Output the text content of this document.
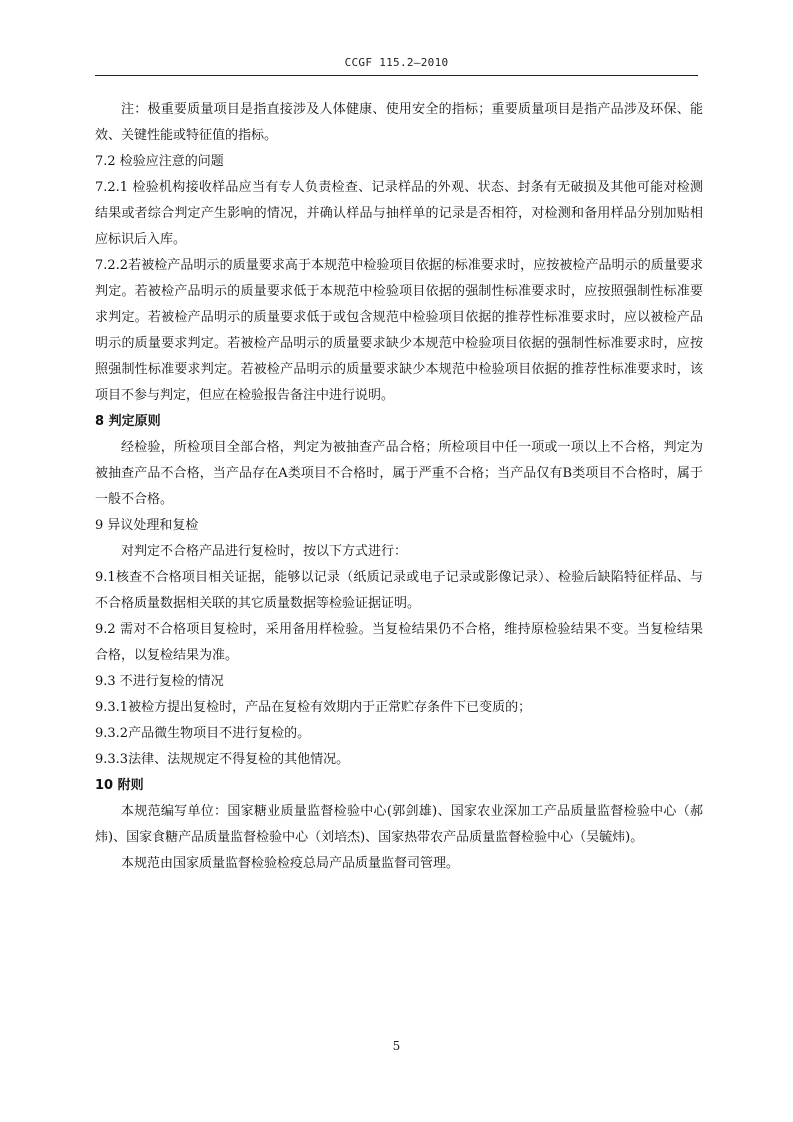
CCGF 115.2—2010

注：极重要质量项目是指直接涉及人体健康、使用安全的指标；重要质量项目是指产品涉及环保、能效、关键性能或特征值的指标。

7.2 检验应注意的问题

7.2.1 检验机构接收样品应当有专人负责检查、记录样品的外观、状态、封条有无破损及其他可能对检测结果或者综合判定产生影响的情况，并确认样品与抽样单的记录是否相符，对检测和备用样品分别加贴相应标识后入库。

7.2.2若被检产品明示的质量要求高于本规范中检验项目依据的标准要求时，应按被检产品明示的质量要求判定。若被检产品明示的质量要求低于本规范中检验项目依据的强制性标准要求时，应按照强制性标准要求判定。若被检产品明示的质量要求低于或包含规范中检验项目依据的推荐性标准要求时，应以被检产品明示的质量要求判定。若被检产品明示的质量要求缺少本规范中检验项目依据的强制性标准要求时，应按照强制性标准要求判定。若被检产品明示的质量要求缺少本规范中检验项目依据的推荐性标准要求时，该项目不参与判定，但应在检验报告备注中进行说明。

8 判定原则

经检验，所检项目全部合格，判定为被抽查产品合格；所检项目中任一项或一项以上不合格，判定为被抽查产品不合格，当产品存在A类项目不合格时，属于严重不合格；当产品仅有B类项目不合格时，属于一般不合格。

9 异议处理和复检

对判定不合格产品进行复检时，按以下方式进行：

9.1核查不合格项目相关证据，能够以记录（纸质记录或电子记录或影像记录）、检验后缺陷特征样品、与不合格质量数据相关联的其它质量数据等检验证据证明。

9.2 需对不合格项目复检时，采用备用样检验。当复检结果仍不合格，维持原检验结果不变。当复检结果合格，以复检结果为准。

9.3 不进行复检的情况

9.3.1被检方提出复检时，产品在复检有效期内于正常贮存条件下已变质的；

9.3.2产品微生物项目不进行复检的。

9.3.3法律、法规规定不得复检的其他情况。

10 附则

本规范编写单位：国家糖业质量监督检验中心(郭剑雄)、国家农业深加工产品质量监督检验中心（郝炜)、国家食糖产品质量监督检验中心（刘培杰)、国家热带农产品质量监督检验中心（吴毓炜)。

本规范由国家质量监督检验检疫总局产品质量监督司管理。

5
